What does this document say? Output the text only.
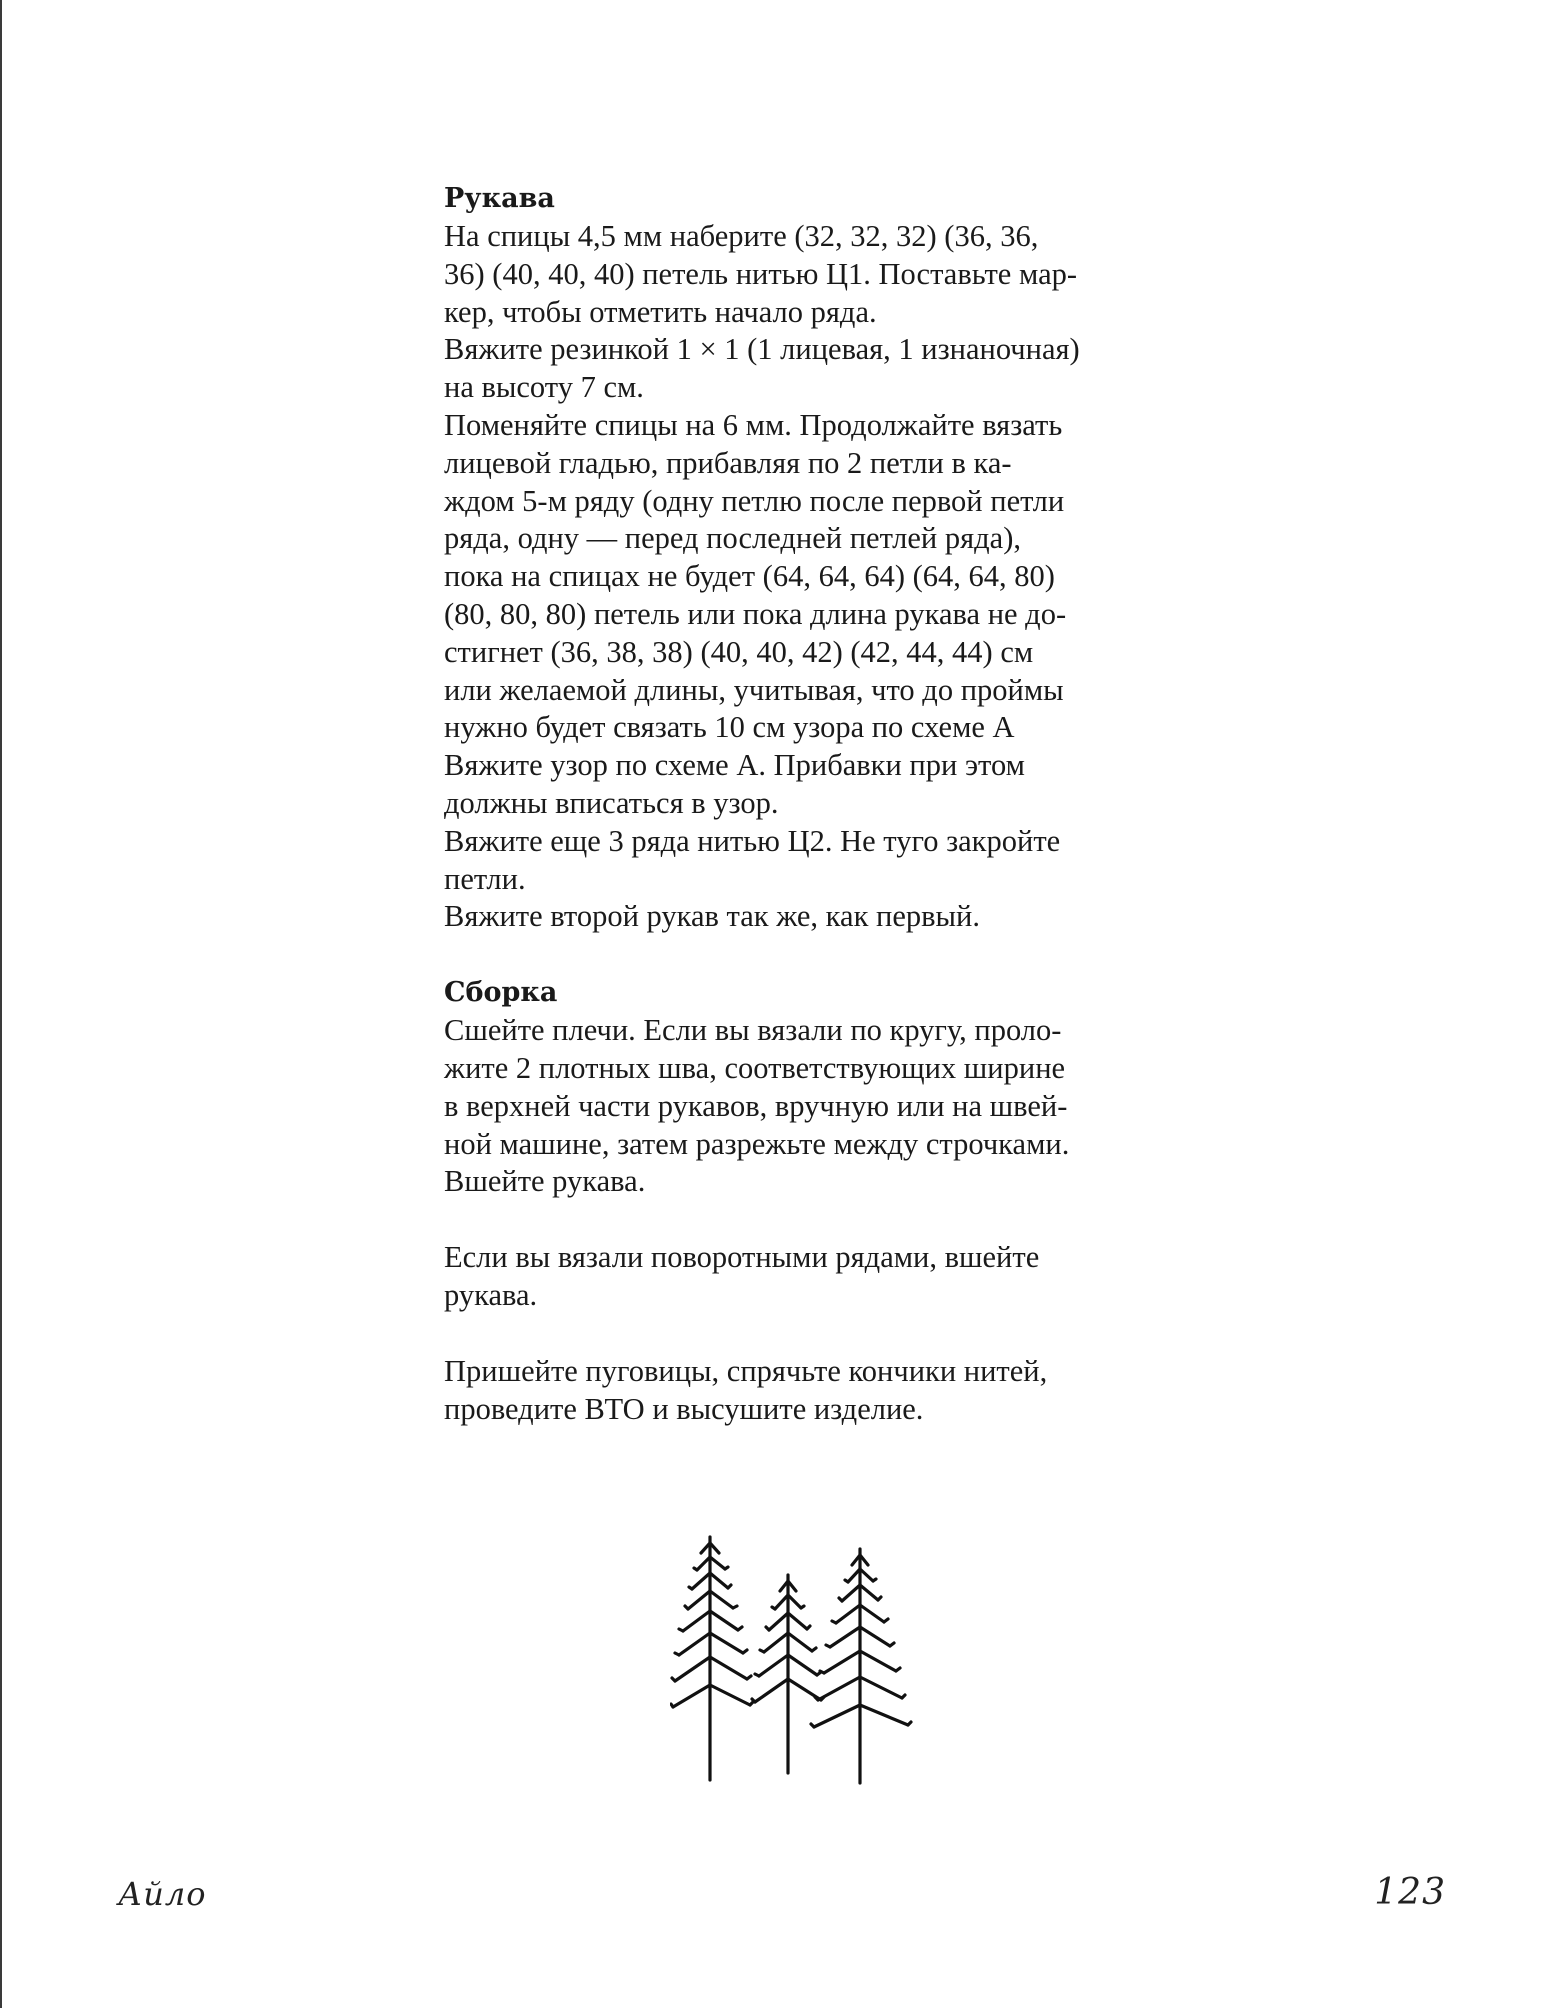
Рукава

На спицы 4,5 мм наберите (32, 32, 32) (36, 36,

36) (40, 40, 40) петель нитью Ц1. Поставьте мар-

кер, чтобы отметить начало ряда.

Вяжите резинкой 1 × 1 (1 лицевая, 1 изнаночная)

на высоту 7 см.

Поменяйте спицы на 6 мм. Продолжайте вязать

лицевой гладью, прибавляя по 2 петли в ка-

ждом 5-м ряду (одну петлю после первой петли

ряда, одну — перед последней петлей ряда),

пока на спицах не будет (64, 64, 64) (64, 64, 80)

(80, 80, 80) петель или пока длина рукава не до-

стигнет (36, 38, 38) (40, 40, 42) (42, 44, 44) см

или желаемой длины, учитывая, что до проймы

нужно будет связать 10 см узора по схеме А

Вяжите узор по схеме А. Прибавки при этом

должны вписаться в узор.

Вяжите еще 3 ряда нитью Ц2. Не туго закройте

петли.

Вяжите второй рукав так же, как первый.

Сборка

Сшейте плечи. Если вы вязали по кругу, проло-

жите 2 плотных шва, соответствующих ширине

в верхней части рукавов, вручную или на швей-

ной машине, затем разрежьте между строчками.

Вшейте рукава.

Если вы вязали поворотными рядами, вшейте

рукава.

Пришейте пуговицы, спрячьте кончики нитей,

проведите ВТО и высушите изделие.

Айло	123
